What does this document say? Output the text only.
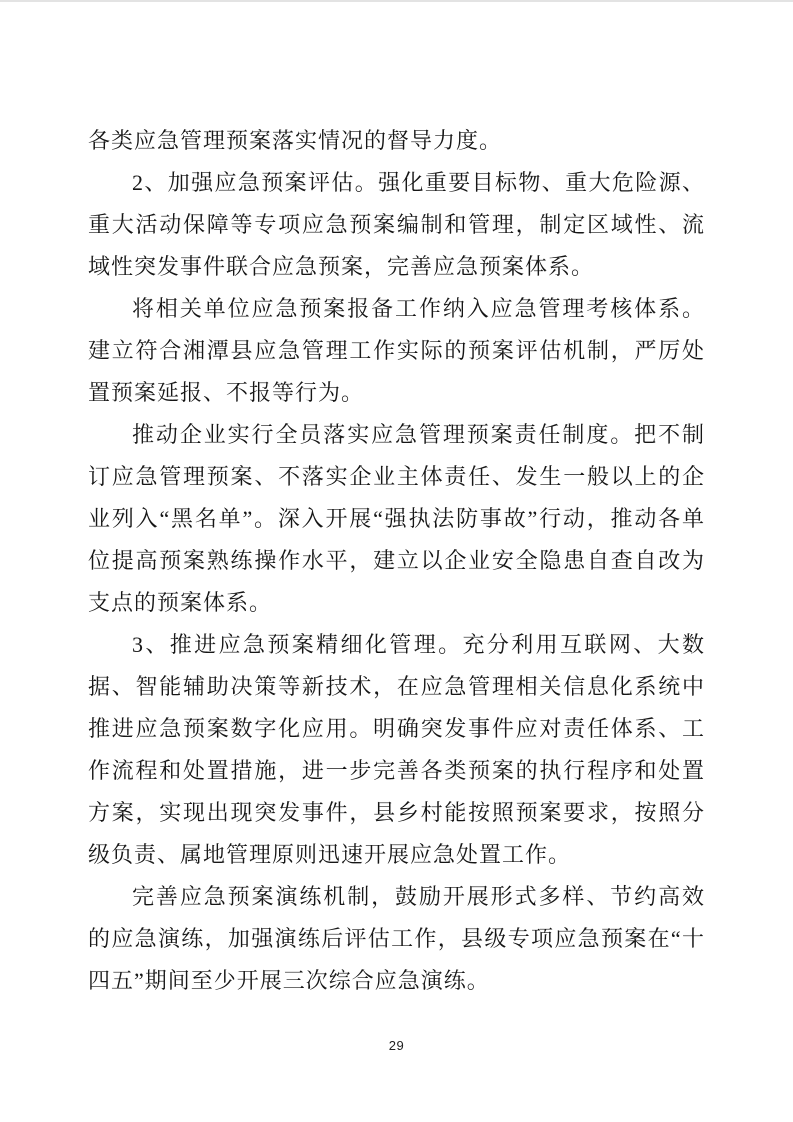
各类应急管理预案落实情况的督导力度。

2、加强应急预案评估。强化重要目标物、重大危险源、重大活动保障等专项应急预案编制和管理，制定区域性、流域性突发事件联合应急预案，完善应急预案体系。

将相关单位应急预案报备工作纳入应急管理考核体系。建立符合湘潭县应急管理工作实际的预案评估机制，严厉处置预案延报、不报等行为。

推动企业实行全员落实应急管理预案责任制度。把不制订应急管理预案、不落实企业主体责任、发生一般以上的企业列入“黑名单”。深入开展“强执法防事故”行动，推动各单位提高预案熟练操作水平，建立以企业安全隐患自查自改为支点的预案体系。

3、推进应急预案精细化管理。充分利用互联网、大数据、智能辅助决策等新技术，在应急管理相关信息化系统中推进应急预案数字化应用。明确突发事件应对责任体系、工作流程和处置措施，进一步完善各类预案的执行程序和处置方案，实现出现突发事件，县乡村能按照预案要求，按照分级负责、属地管理原则迅速开展应急处置工作。

完善应急预案演练机制，鼓励开展形式多样、节约高效的应急演练，加强演练后评估工作，县级专项应急预案在“十四五”期间至少开展三次综合应急演练。

29
